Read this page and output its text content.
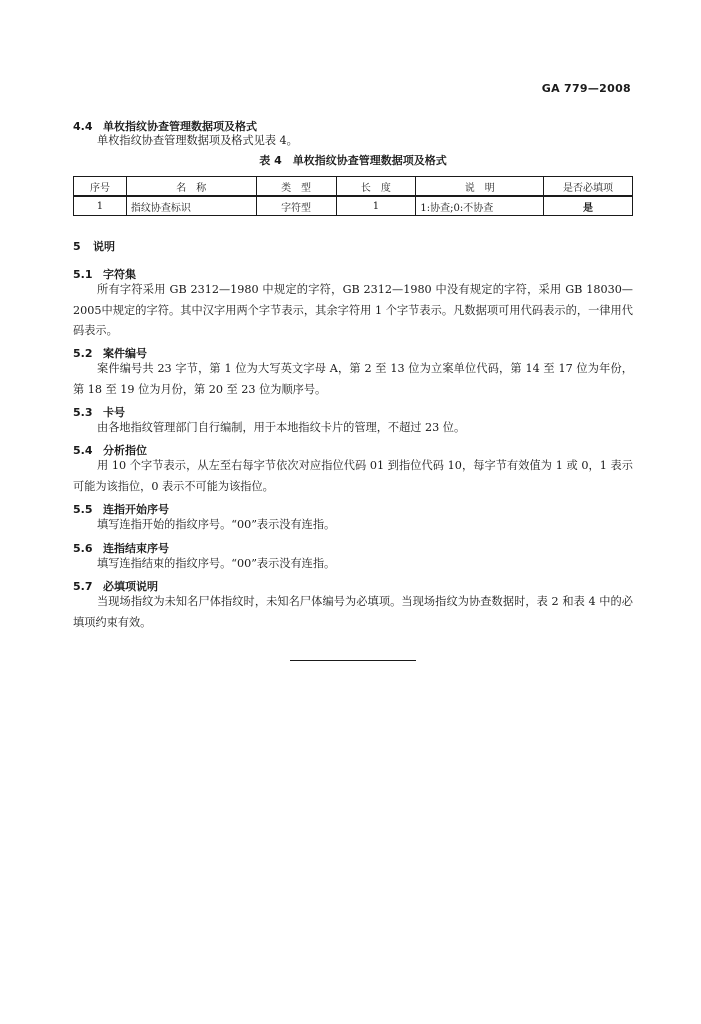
GA 779—2008
4.4 单枚指纹协查管理数据项及格式
单枚指纹协查管理数据项及格式见表 4。
表 4　单枚指纹协查管理数据项及格式
序号	名　称	类　型	长　度	说　明	是否必填项
1	指纹协查标识	字符型	1	1:协查;0:不协查	是
5 说明
5.1 字符集
所有字符采用 GB 2312—1980 中规定的字符，GB 2312—1980 中没有规定的字符，采用 GB 18030—2005中规定的字符。其中汉字用两个字节表示，其余字符用 1 个字节表示。凡数据项可用代码表示的，一律用代码表示。
5.2 案件编号
案件编号共 23 字节，第 1 位为大写英文字母 A，第 2 至 13 位为立案单位代码，第 14 至 17 位为年份，第 18 至 19 位为月份，第 20 至 23 位为顺序号。
5.3 卡号
由各地指纹管理部门自行编制，用于本地指纹卡片的管理，不超过 23 位。
5.4 分析指位
用 10 个字节表示，从左至右每字节依次对应指位代码 01 到指位代码 10，每字节有效值为 1 或 0，1 表示可能为该指位，0 表示不可能为该指位。
5.5 连指开始序号
填写连指开始的指纹序号。“00”表示没有连指。
5.6 连指结束序号
填写连指结束的指纹序号。“00”表示没有连指。
5.7 必填项说明
当现场指纹为未知名尸体指纹时，未知名尸体编号为必填项。当现场指纹为协查数据时，表 2 和表 4 中的必填项约束有效。
